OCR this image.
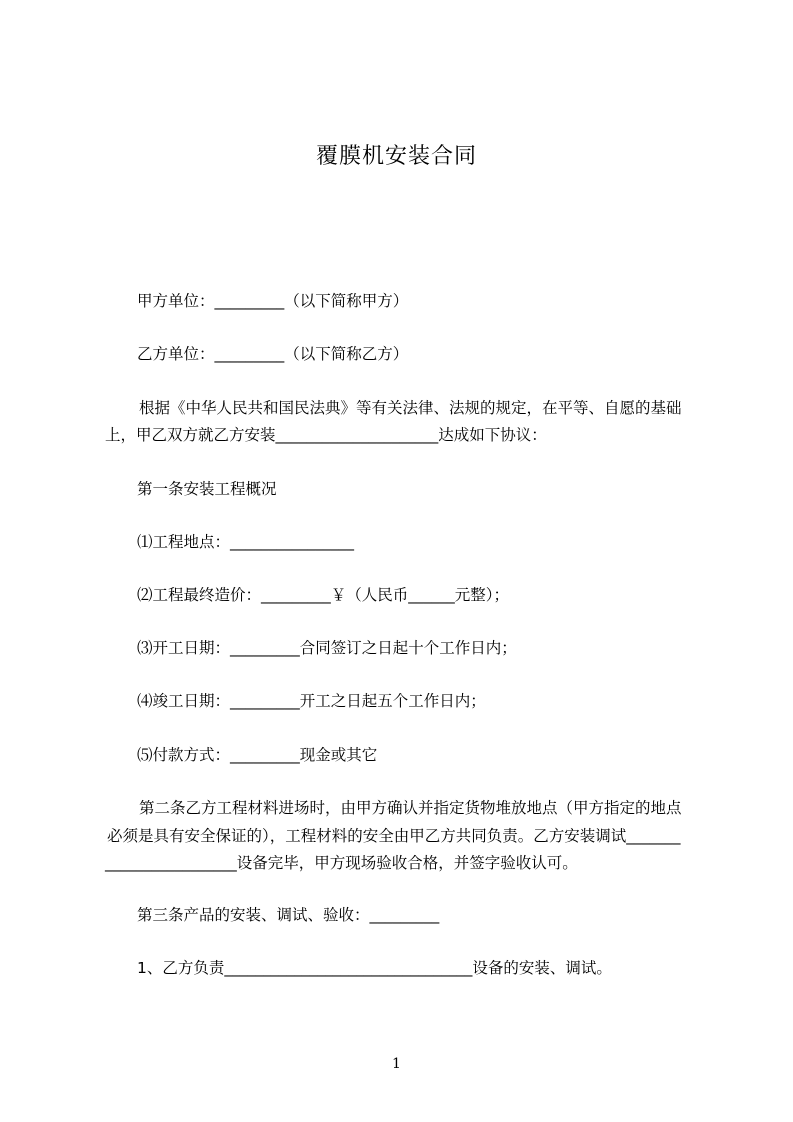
覆膜机安装合同
甲方单位：_________（以下简称甲方）
乙方单位：_________（以下简称乙方）
根据《中华人民共和国民法典》等有关法律、法规的规定，在平等、自愿的基础
上，甲乙双方就乙方安装_____________________达成如下协议：
第一条安装工程概况
⑴工程地点：________________
⑵工程最终造价：_________￥（人民币______元整）；
⑶开工日期：_________合同签订之日起十个工作日内；
⑷竣工日期：_________开工之日起五个工作日内；
⑸付款方式：_________现金或其它
第二条乙方工程材料进场时，由甲方确认并指定货物堆放地点（甲方指定的地点
必须是具有安全保证的），工程材料的安全由甲乙方共同负责。乙方安装调试_______
_________________设备完毕，甲方现场验收合格，并签字验收认可。
第三条产品的安装、调试、验收：_________
1、乙方负责________________________________设备的安装、调试。
1
